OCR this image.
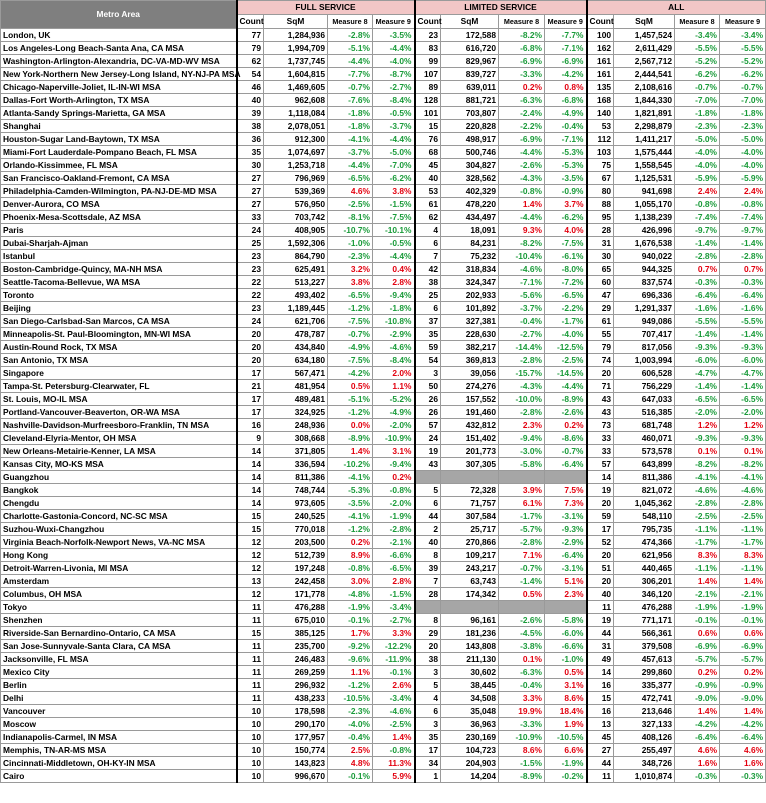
Metro Area	FULL SERVICE				LIMITED SERVICE				ALL			
	Count	SqM	Measure 8	Measure 9	Count	SqM	Measure 8	Measure 9	Count	SqM	Measure 8	Measure 9
London, UK	77	1,284,936	-2.8%	-3.5%	23	172,588	-8.2%	-7.7%	100	1,457,524	-3.4%	-3.4%
Los Angeles-Long Beach-Santa Ana, CA MSA	79	1,994,709	-5.1%	-4.4%	83	616,720	-6.8%	-7.1%	162	2,611,429	-5.5%	-5.5%
Washington-Arlington-Alexandria, DC-VA-MD-WV MSA	62	1,737,745	-4.4%	-4.0%	99	829,967	-6.9%	-6.9%	161	2,567,712	-5.2%	-5.2%
New York-Northern New Jersey-Long Island, NY-NJ-PA MSA	54	1,604,815	-7.7%	-8.7%	107	839,727	-3.3%	-4.2%	161	2,444,541	-6.2%	-6.2%
Chicago-Naperville-Joliet, IL-IN-WI MSA	46	1,469,605	-0.7%	-2.7%	89	639,011	0.2%	0.8%	135	2,108,616	-0.7%	-0.7%
Dallas-Fort Worth-Arlington, TX MSA	40	962,608	-7.6%	-8.4%	128	881,721	-6.3%	-6.8%	168	1,844,330	-7.0%	-7.0%
Atlanta-Sandy Springs-Marietta, GA MSA	39	1,118,084	-1.8%	-0.5%	101	703,807	-2.4%	-4.9%	140	1,821,891	-1.8%	-1.8%
Shanghai	38	2,078,051	-1.8%	-3.7%	15	220,828	-2.2%	-0.4%	53	2,298,879	-2.3%	-2.3%
Houston-Sugar Land-Baytown, TX MSA	36	912,300	-4.1%	-4.4%	76	498,917	-6.9%	-7.1%	112	1,411,217	-5.0%	-5.0%
Miami-Fort Lauderdale-Pompano Beach, FL MSA	35	1,074,697	-3.7%	-5.0%	68	500,746	-4.4%	-5.3%	103	1,575,444	-4.0%	-4.0%
Orlando-Kissimmee, FL MSA	30	1,253,718	-4.4%	-7.0%	45	304,827	-2.6%	-5.3%	75	1,558,545	-4.0%	-4.0%
San Francisco-Oakland-Fremont, CA MSA	27	796,969	-6.5%	-6.2%	40	328,562	-4.3%	-3.5%	67	1,125,531	-5.9%	-5.9%
Philadelphia-Camden-Wilmington, PA-NJ-DE-MD MSA	27	539,369	4.6%	3.8%	53	402,329	-0.8%	-0.9%	80	941,698	2.4%	2.4%
Denver-Aurora, CO MSA	27	576,950	-2.5%	-1.5%	61	478,220	1.4%	3.7%	88	1,055,170	-0.8%	-0.8%
Phoenix-Mesa-Scottsdale, AZ MSA	33	703,742	-8.1%	-7.5%	62	434,497	-4.4%	-6.2%	95	1,138,239	-7.4%	-7.4%
Paris	24	408,905	-10.7%	-10.1%	4	18,091	9.3%	4.0%	28	426,996	-9.7%	-9.7%
Dubai-Sharjah-Ajman	25	1,592,306	-1.0%	-0.5%	6	84,231	-8.2%	-7.5%	31	1,676,538	-1.4%	-1.4%
Istanbul	23	864,790	-2.3%	-4.4%	7	75,232	-10.4%	-6.1%	30	940,022	-2.8%	-2.8%
Boston-Cambridge-Quincy, MA-NH MSA	23	625,491	3.2%	0.4%	42	318,834	-4.6%	-8.0%	65	944,325	0.7%	0.7%
Seattle-Tacoma-Bellevue, WA MSA	22	513,227	3.8%	2.8%	38	324,347	-7.1%	-7.2%	60	837,574	-0.3%	-0.3%
Toronto	22	493,402	-6.5%	-9.4%	25	202,933	-5.6%	-6.5%	47	696,336	-6.4%	-6.4%
Beijing	23	1,189,445	-1.2%	-1.8%	6	101,892	-3.7%	-2.2%	29	1,291,337	-1.6%	-1.6%
San Diego-Carlsbad-San Marcos, CA MSA	24	621,706	-7.5%	-10.8%	37	327,381	-0.4%	-1.7%	61	949,086	-5.5%	-5.5%
Minneapolis-St. Paul-Bloomington, MN-WI MSA	20	478,787	-0.7%	-2.9%	35	228,630	-2.7%	-4.0%	55	707,417	-1.4%	-1.4%
Austin-Round Rock, TX MSA	20	434,840	-4.9%	-4.6%	59	382,217	-14.4%	-12.5%	79	817,056	-9.3%	-9.3%
San Antonio, TX MSA	20	634,180	-7.5%	-8.4%	54	369,813	-2.8%	-2.5%	74	1,003,994	-6.0%	-6.0%
Singapore	17	567,471	-4.2%	2.0%	3	39,056	-15.7%	-14.5%	20	606,528	-4.7%	-4.7%
Tampa-St. Petersburg-Clearwater, FL	21	481,954	0.5%	1.1%	50	274,276	-4.3%	-4.4%	71	756,229	-1.4%	-1.4%
St. Louis, MO-IL MSA	17	489,481	-5.1%	-5.2%	26	157,552	-10.0%	-8.9%	43	647,033	-6.5%	-6.5%
Portland-Vancouver-Beaverton, OR-WA MSA	17	324,925	-1.2%	-4.9%	26	191,460	-2.8%	-2.6%	43	516,385	-2.0%	-2.0%
Nashville-Davidson-Murfreesboro-Franklin, TN MSA	16	248,936	0.0%	-2.0%	57	432,812	2.3%	0.2%	73	681,748	1.2%	1.2%
Cleveland-Elyria-Mentor, OH MSA	9	308,668	-8.9%	-10.9%	24	151,402	-9.4%	-8.6%	33	460,071	-9.3%	-9.3%
New Orleans-Metairie-Kenner, LA MSA	14	371,805	1.4%	3.1%	19	201,773	-3.0%	-0.7%	33	573,578	0.1%	0.1%
Kansas City, MO-KS MSA	14	336,594	-10.2%	-9.4%	43	307,305	-5.8%	-6.4%	57	643,899	-8.2%	-8.2%
Guangzhou	14	811,386	-4.1%	0.2%					14	811,386	-4.1%	-4.1%
Bangkok	14	748,744	-5.3%	-0.8%	5	72,328	3.9%	7.5%	19	821,072	-4.6%	-4.6%
Chengdu	14	973,605	-3.5%	-2.0%	6	71,757	6.1%	7.3%	20	1,045,362	-2.8%	-2.8%
Charlotte-Gastonia-Concord, NC-SC MSA	15	240,525	-4.1%	-1.9%	44	307,584	-1.7%	-3.1%	59	548,110	-2.5%	-2.5%
Suzhou-Wuxi-Changzhou	15	770,018	-1.2%	-2.8%	2	25,717	-5.7%	-9.3%	17	795,735	-1.1%	-1.1%
Virginia Beach-Norfolk-Newport News, VA-NC MSA	12	203,500	0.2%	-2.1%	40	270,866	-2.8%	-2.9%	52	474,366	-1.7%	-1.7%
Hong Kong	12	512,739	8.9%	-6.6%	8	109,217	7.1%	-6.4%	20	621,956	8.3%	8.3%
Detroit-Warren-Livonia, MI MSA	12	197,248	-0.8%	-6.5%	39	243,217	-0.7%	-3.1%	51	440,465	-1.1%	-1.1%
Amsterdam	13	242,458	3.0%	2.8%	7	63,743	-1.4%	5.1%	20	306,201	1.4%	1.4%
Columbus, OH MSA	12	171,778	-4.8%	-1.5%	28	174,342	0.5%	2.3%	40	346,120	-2.1%	-2.1%
Tokyo	11	476,288	-1.9%	-3.4%					11	476,288	-1.9%	-1.9%
Shenzhen	11	675,010	-0.1%	-2.7%	8	96,161	-2.6%	-5.8%	19	771,171	-0.1%	-0.1%
Riverside-San Bernardino-Ontario, CA MSA	15	385,125	1.7%	3.3%	29	181,236	-4.5%	-6.0%	44	566,361	0.6%	0.6%
San Jose-Sunnyvale-Santa Clara, CA MSA	11	235,700	-9.2%	-12.2%	20	143,808	-3.8%	-6.6%	31	379,508	-6.9%	-6.9%
Jacksonville, FL MSA	11	246,483	-9.6%	-11.9%	38	211,130	0.1%	-1.0%	49	457,613	-5.7%	-5.7%
Mexico City	11	269,259	1.1%	-0.1%	3	30,602	-6.3%	0.5%	14	299,860	0.2%	0.2%
Berlin	11	296,932	-1.2%	2.6%	5	38,445	-0.4%	3.1%	16	335,377	-0.9%	-0.9%
Delhi	11	438,233	-10.5%	-3.4%	4	34,508	3.3%	8.6%	15	472,741	-9.0%	-9.0%
Vancouver	10	178,598	-2.3%	-4.6%	6	35,048	19.9%	18.4%	16	213,646	1.4%	1.4%
Moscow	10	290,170	-4.0%	-2.5%	3	36,963	-3.3%	1.9%	13	327,133	-4.2%	-4.2%
Indianapolis-Carmel, IN MSA	10	177,957	-0.4%	1.4%	35	230,169	-10.9%	-10.5%	45	408,126	-6.4%	-6.4%
Memphis, TN-AR-MS MSA	10	150,774	2.5%	-0.8%	17	104,723	8.6%	6.6%	27	255,497	4.6%	4.6%
Cincinnati-Middletown, OH-KY-IN MSA	10	143,823	4.8%	11.3%	34	204,903	-1.5%	-1.9%	44	348,726	1.6%	1.6%
Cairo	10	996,670	-0.1%	5.9%	1	14,204	-8.9%	-0.2%	11	1,010,874	-0.3%	-0.3%
